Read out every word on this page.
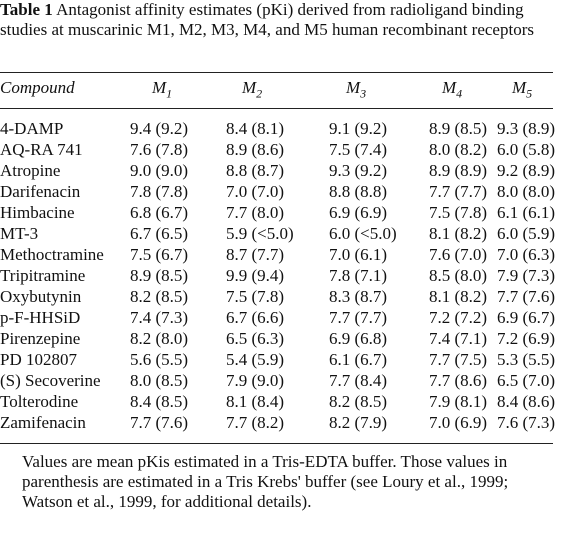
Table 1 Antagonist affinity estimates (pKi) derived from radioligand binding studies at muscarinic M1, M2, M3, M4, and M5 human recombinant receptors
Compound	$M_1$	$M_2$	$M_3$	$M_4$	$M_5$
4-DAMP	9.4 (9.2)	8.4 (8.1)	9.1 (9.2)	8.9 (8.5)	9.3 (8.9)
AQ-RA 741	7.6 (7.8)	8.9 (8.6)	7.5 (7.4)	8.0 (8.2)	6.0 (5.8)
Atropine	9.0 (9.0)	8.8 (8.7)	9.3 (9.2)	8.9 (8.9)	9.2 (8.9)
Darifenacin	7.8 (7.8)	7.0 (7.0)	8.8 (8.8)	7.7 (7.7)	8.0 (8.0)
Himbacine	6.8 (6.7)	7.7 (8.0)	6.9 (6.9)	7.5 (7.8)	6.1 (6.1)
MT-3	6.7 (6.5)	5.9 (<5.0)	6.0 (<5.0)	8.1 (8.2)	6.0 (5.9)
Methoctramine	7.5 (6.7)	8.7 (7.7)	7.0 (6.1)	7.6 (7.0)	7.0 (6.3)
Tripitramine	8.9 (8.5)	9.9 (9.4)	7.8 (7.1)	8.5 (8.0)	7.9 (7.3)
Oxybutynin	8.2 (8.5)	7.5 (7.8)	8.3 (8.7)	8.1 (8.2)	7.7 (7.6)
p-F-HHSiD	7.4 (7.3)	6.7 (6.6)	7.7 (7.7)	7.2 (7.2)	6.9 (6.7)
Pirenzepine	8.2 (8.0)	6.5 (6.3)	6.9 (6.8)	7.4 (7.1)	7.2 (6.9)
PD 102807	5.6 (5.5)	5.4 (5.9)	6.1 (6.7)	7.7 (7.5)	5.3 (5.5)
(S) Secoverine	8.0 (8.5)	7.9 (9.0)	7.7 (8.4)	7.7 (8.6)	6.5 (7.0)
Tolterodine	8.4 (8.5)	8.1 (8.4)	8.2 (8.5)	7.9 (8.1)	8.4 (8.6)
Zamifenacin	7.7 (7.6)	7.7 (8.2)	8.2 (7.9)	7.0 (6.9)	7.6 (7.3)
Values are mean pKis estimated in a Tris-EDTA buffer. Those values in parenthesis are estimated in a Tris Krebs' buffer (see Loury et al., 1999; Watson et al., 1999, for additional details).
